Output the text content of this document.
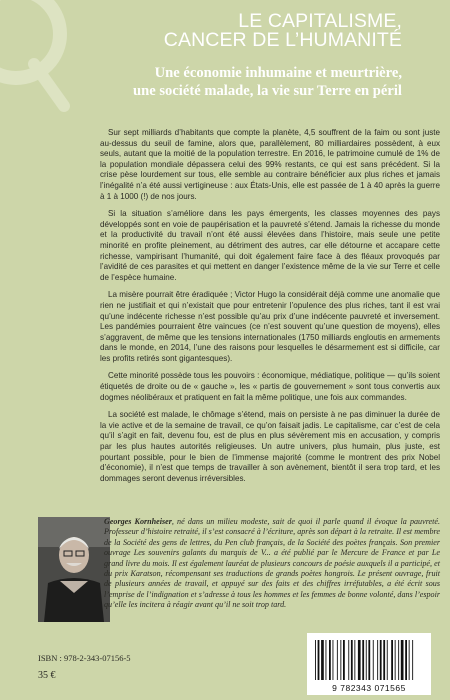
LE CAPITALISME,
CANCER DE L’HUMANITÉ
Une économie inhumaine et meurtrière,
une société malade, la vie sur Terre en péril

Sur sept milliards d’habitants que compte la planète, 4,5 souffrent de la faim ou sont juste au-dessus du seuil de famine, alors que, parallèlement, 80 milliardaires possèdent, à eux seuls, autant que la moitié de la population terrestre. En 2016, le patrimoine cumulé de 1% de la population mondiale dépassera celui des 99% restants, ce qui est sans précédent. Si la crise pèse lourdement sur tous, elle semble au contraire bénéficier aux plus riches et jamais l’inégalité n’a été aussi vertigineuse : aux États-Unis, elle est passée de 1 à 40 après la guerre à 1 à 1000 (!) de nos jours.

Si la situation s’améliore dans les pays émergents, les classes moyennes des pays développés sont en voie de paupérisation et la pauvreté s’étend. Jamais la richesse du monde et la productivité du travail n’ont été aussi élevées dans l’histoire, mais seule une petite minorité en profite pleinement, au détriment des autres, car elle détourne et accapare cette richesse, vampirisant l’humanité, qui doit également faire face à des fléaux provoqués par l’avidité de ces parasites et qui mettent en danger l’existence même de la vie sur Terre et celle de l’espèce humaine.

La misère pourrait être éradiquée ; Victor Hugo la considérait déjà comme une anomalie que rien ne justifiait et qui n’existait que pour entretenir l’opulence des plus riches, tant il est vrai qu’une indécente richesse n’est possible qu’au prix d’une indécente pauvreté et inversement. Les pandémies pourraient être vaincues (ce n’est souvent qu’une question de moyens), elles s’aggravent, de même que les tensions internationales (1750 milliards engloutis en armements dans le monde, en 2014, l’une des raisons pour lesquelles le désarmement est si difficile, car les profits retirés sont gigantesques).

Cette minorité possède tous les pouvoirs : économique, médiatique, politique — qu’ils soient étiquetés de droite ou de « gauche », les « partis de gouvernement » sont tous convertis aux dogmes néolibéraux et pratiquent en fait la même politique, une fois aux commandes.

La société est malade, le chômage s’étend, mais on persiste à ne pas diminuer la durée de la vie active et de la semaine de travail, ce qu’on faisait jadis. Le capitalisme, car c’est de cela qu’il s’agit en fait, devenu fou, est de plus en plus sévèrement mis en accusation, y compris par les plus hautes autorités religieuses. Un autre univers, plus humain, plus juste, est pourtant possible, pour le bien de l’immense majorité (comme le montrent des prix Nobel d’économie), il n’est que temps de travailler à son avènement, bientôt il sera trop tard, et les dommages seront devenus irréversibles.

Georges Kornheiser, né dans un milieu modeste, sait de quoi il parle quand il évoque la pauvreté. Professeur d’histoire retraité, il s’est consacré à l’écriture, après son départ à la retraite. Il est membre de la Société des gens de lettres, du Pen club français, de la Société des poètes français. Son premier ouvrage Les souvenirs galants du marquis de V... a été publié par le Mercure de France et par Le grand livre du mois. Il est également lauréat de plusieurs concours de poésie auxquels il a participé, et du prix Karatson, récompensant ses traductions de grands poètes hongrois. Le présent ouvrage, fruit de plusieurs années de travail, et appuyé sur des faits et des chiffres irréfutables, a été écrit sous l’emprise de l’indignation et s’adresse à tous les hommes et les femmes de bonne volonté, dans l’espoir qu’elle les incitera à réagir avant qu’il ne soit trop tard.
ISBN : 978-2-343-07156-5
35 €
9 782343 071565
